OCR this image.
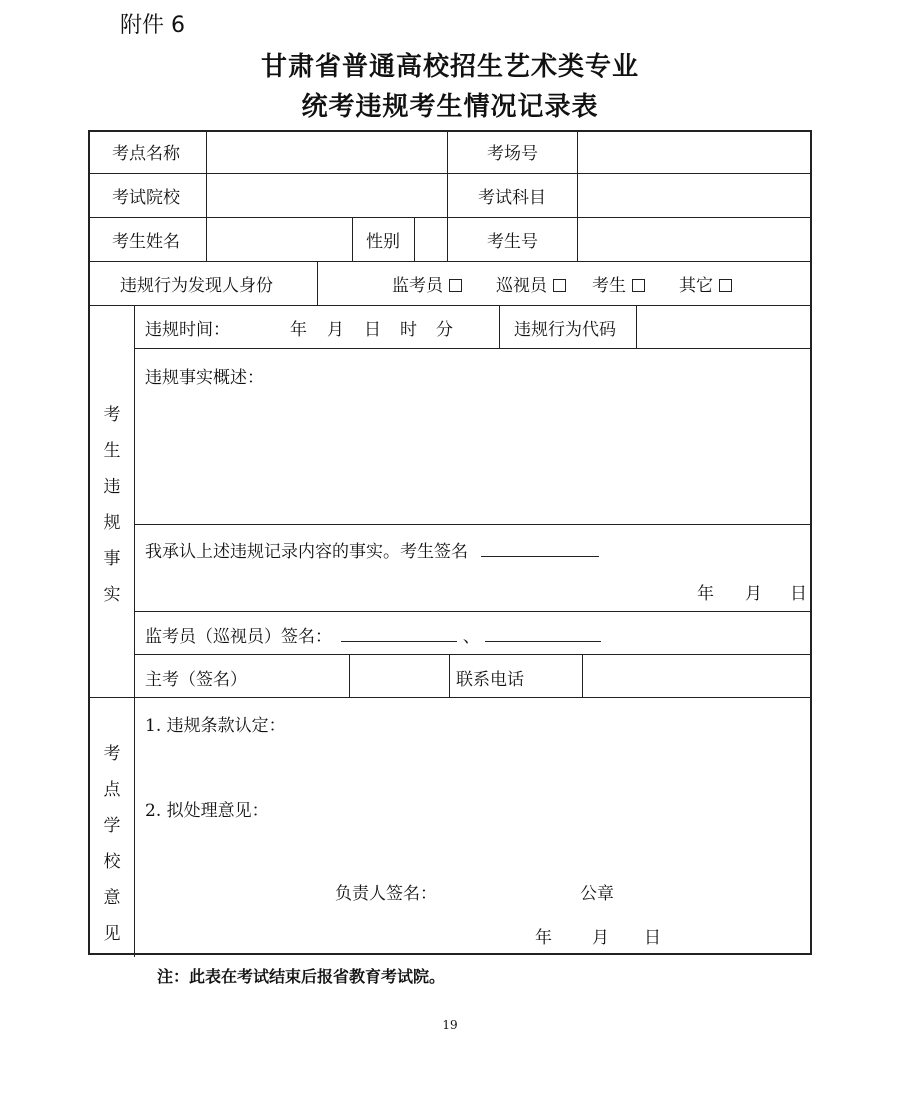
附件 6
甘肃省普通高校招生艺术类专业
统考违规考生情况记录表
考点名称	考场号
考试院校	考试科目
考生姓名	性别	考生号
违规行为发现人身份	监考员	巡视员	考生	其它
考
生
违
规
事
实
违规时间：	年 月 日 时 分	违规行为代码
违规事实概述：
我承认上述违规记录内容的事实。考生签名
年 月 日
监考员（巡视员）签名：	、
主考（签名）	联系电话
考
点
学
校
意
见
1. 违规条款认定：
2. 拟处理意见：
负责人签名：	公章
年 月 日
注：此表在考试结束后报省教育考试院。
19
